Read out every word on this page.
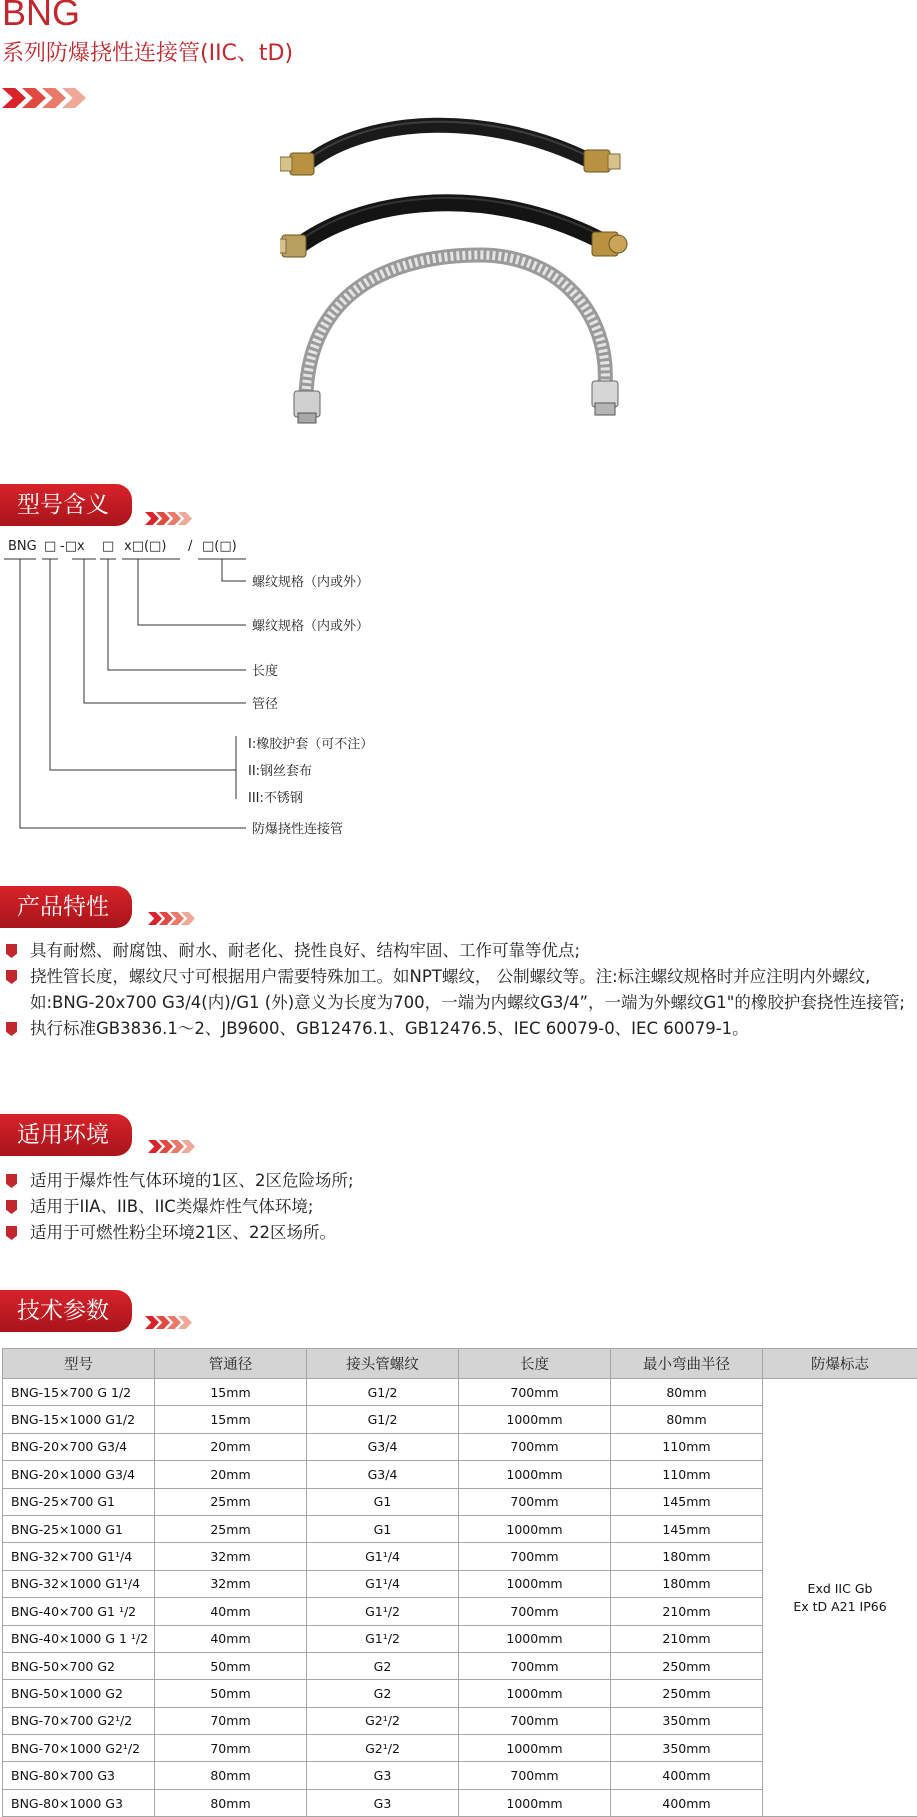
BNG
系列防爆挠性连接管(IIC、tD)
型号含义
BNG □ -□x □ x□(□) / □(□)
螺纹规格（内或外）
螺纹规格（内或外）
长度
管径
I:橡胶护套（可不注）
II:钢丝套布
III:不锈钢
防爆挠性连接管
产品特性
具有耐燃、耐腐蚀、耐水、耐老化、挠性良好、结构牢固、工作可靠等优点;
挠性管长度，螺纹尺寸可根据用户需要特殊加工。如NPT螺纹， 公制螺纹等。注:标注螺纹规格时并应注明内外螺纹,如:BNG-20x700 G3/4(内)/G1 (外)意义为长度为700，一端为内螺纹G3/4”，一端为外螺纹G1"的橡胶护套挠性连接管;
执行标准GB3836.1～2、JB9600、GB12476.1、GB12476.5、IEC 60079-0、IEC 60079-1。
适用环境
适用于爆炸性气体环境的1区、2区危险场所;
适用于IIA、IIB、IIC类爆炸性气体环境;
适用于可燃性粉尘环境21区、22区场所。
技术参数
型号	管通径	接头管螺纹	长度	最小弯曲半径	防爆标志
BNG-15×700 G 1/2	15mm	G1/2	700mm	80mm	Exd IIC Gb
Ex tD A21 IP66

BNG-15×1000 G1/2	15mm	G1/2	1000mm	80mm	
BNG-20×700 G3/4	20mm	G3/4	700mm	110mm	
BNG-20×1000 G3/4	20mm	G3/4	1000mm	110mm	
BNG-25×700 G1	25mm	G1	700mm	145mm	
BNG-25×1000 G1	25mm	G1	1000mm	145mm	
BNG-32×700 G1¹/4	32mm	G1¹/4	700mm	180mm	
BNG-32×1000 G1¹/4	32mm	G1¹/4	1000mm	180mm	
BNG-40×700 G1 ¹/2	40mm	G1¹/2	700mm	210mm	
BNG-40×1000 G 1 ¹/2	40mm	G1¹/2	1000mm	210mm	
BNG-50×700 G2	50mm	G2	700mm	250mm	
BNG-50×1000 G2	50mm	G2	1000mm	250mm	
BNG-70×700 G2¹/2	70mm	G2¹/2	700mm	350mm	
BNG-70×1000 G2¹/2	70mm	G2¹/2	1000mm	350mm	
BNG-80×700 G3	80mm	G3	700mm	400mm	
BNG-80×1000 G3	80mm	G3	1000mm	400mm	
